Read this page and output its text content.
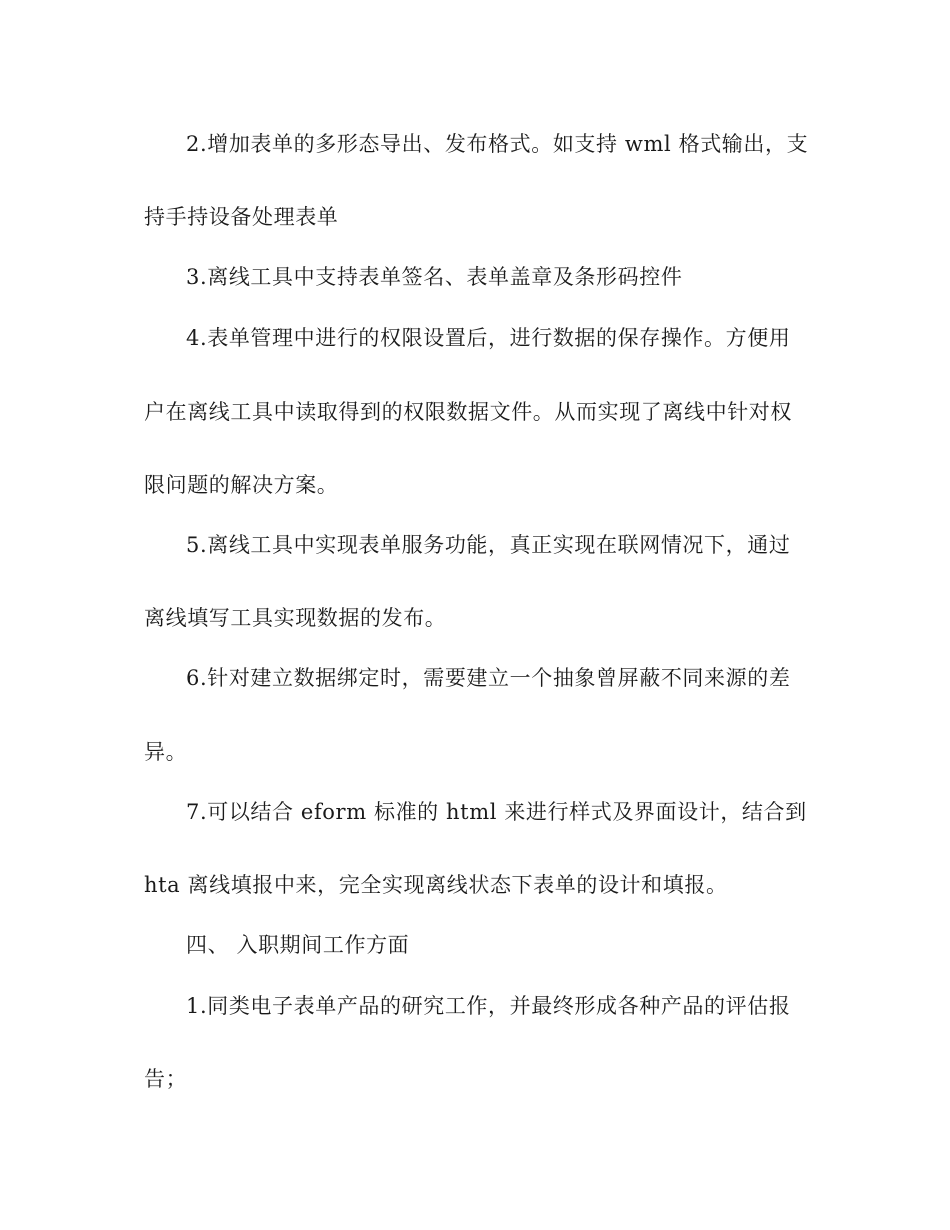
2.增加表单的多形态导出、发布格式。如支持 wml 格式输出，支
持手持设备处理表单
3.离线工具中支持表单签名、表单盖章及条形码控件
4.表单管理中进行的权限设置后，进行数据的保存操作。方便用
户在离线工具中读取得到的权限数据文件。从而实现了离线中针对权
限问题的解决方案。
5.离线工具中实现表单服务功能，真正实现在联网情况下，通过
离线填写工具实现数据的发布。
6.针对建立数据绑定时，需要建立一个抽象曾屏蔽不同来源的差
异。
7.可以结合 eform 标准的 html 来进行样式及界面设计，结合到
hta 离线填报中来，完全实现离线状态下表单的设计和填报。
四、 入职期间工作方面
1.同类电子表单产品的研究工作，并最终形成各种产品的评估报
告；
